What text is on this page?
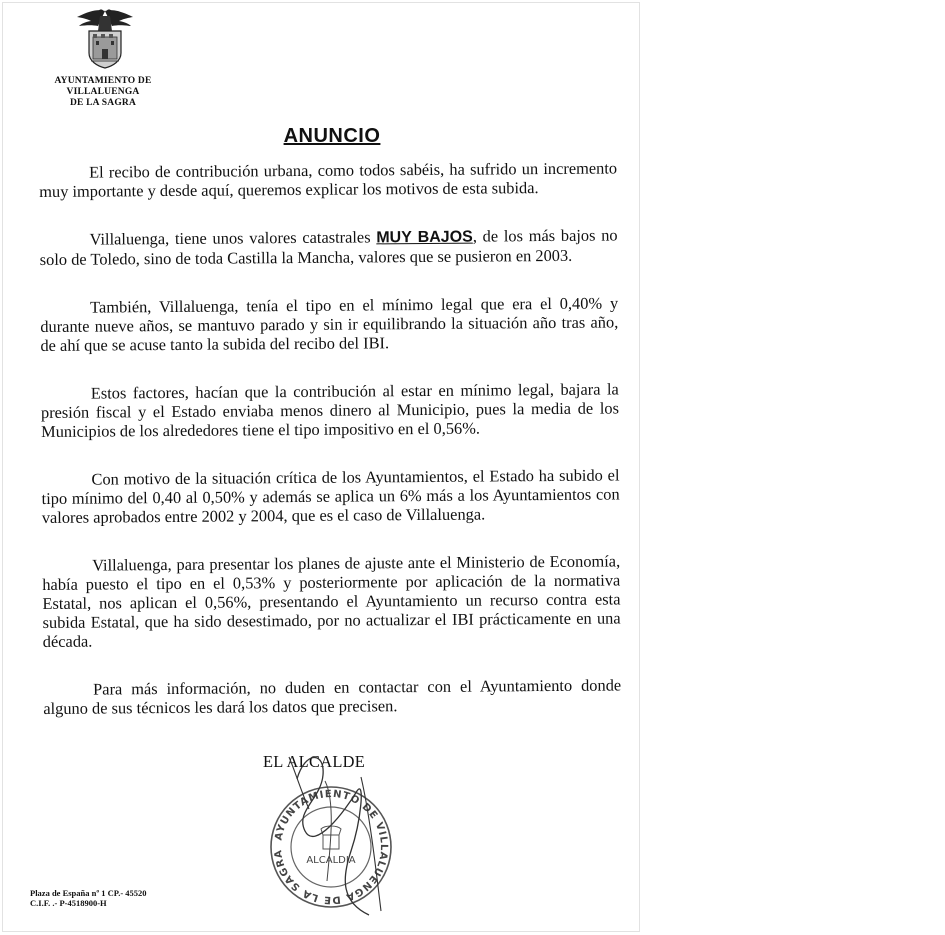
AYUNTAMIENTO DE
VILLALUENGA
DE LA SAGRA
ANUNCIO

El recibo de contribución urbana, como todos sabéis, ha sufrido un incremento muy importante y desde aquí, queremos explicar los motivos de esta subida.

Villaluenga, tiene unos valores catastrales MUY BAJOS, de los más bajos no solo de Toledo, sino de toda Castilla la Mancha, valores que se pusieron en 2003.

También, Villaluenga, tenía el tipo en el mínimo legal que era el 0,40% y durante nueve años, se mantuvo parado y sin ir equilibrando la situación año tras año, de ahí que se acuse tanto la subida del recibo del IBI.

Estos factores, hacían que la contribución al estar en mínimo legal, bajara la presión fiscal y el Estado enviaba menos dinero al Municipio, pues la media de los Municipios de los alrededores tiene el tipo impositivo en el 0,56%.

Con motivo de la situación crítica de los Ayuntamientos, el Estado ha subido el tipo mínimo del 0,40 al 0,50% y además se aplica un 6% más a los Ayuntamientos con valores aprobados entre 2002 y 2004, que es el caso de Villaluenga.

Villaluenga, para presentar los planes de ajuste ante el Ministerio de Economía, había puesto el tipo en el 0,53% y posteriormente por aplicación de la normativa Estatal, nos aplican el 0,56%, presentando el Ayuntamiento un recurso contra esta subida Estatal, que ha sido desestimado, por no actualizar el IBI prácticamente en una década.

Para más información, no duden en contactar con el Ayuntamiento donde alguno de sus técnicos les dará los datos que precisen.

EL ALCALDE
AYUNTAMIENTO DE VILLALUENGA DE LA SAGRA
ALCALDIA
Plaza de España nº 1 CP.- 45520
C.I.F. .- P-4518900-H
